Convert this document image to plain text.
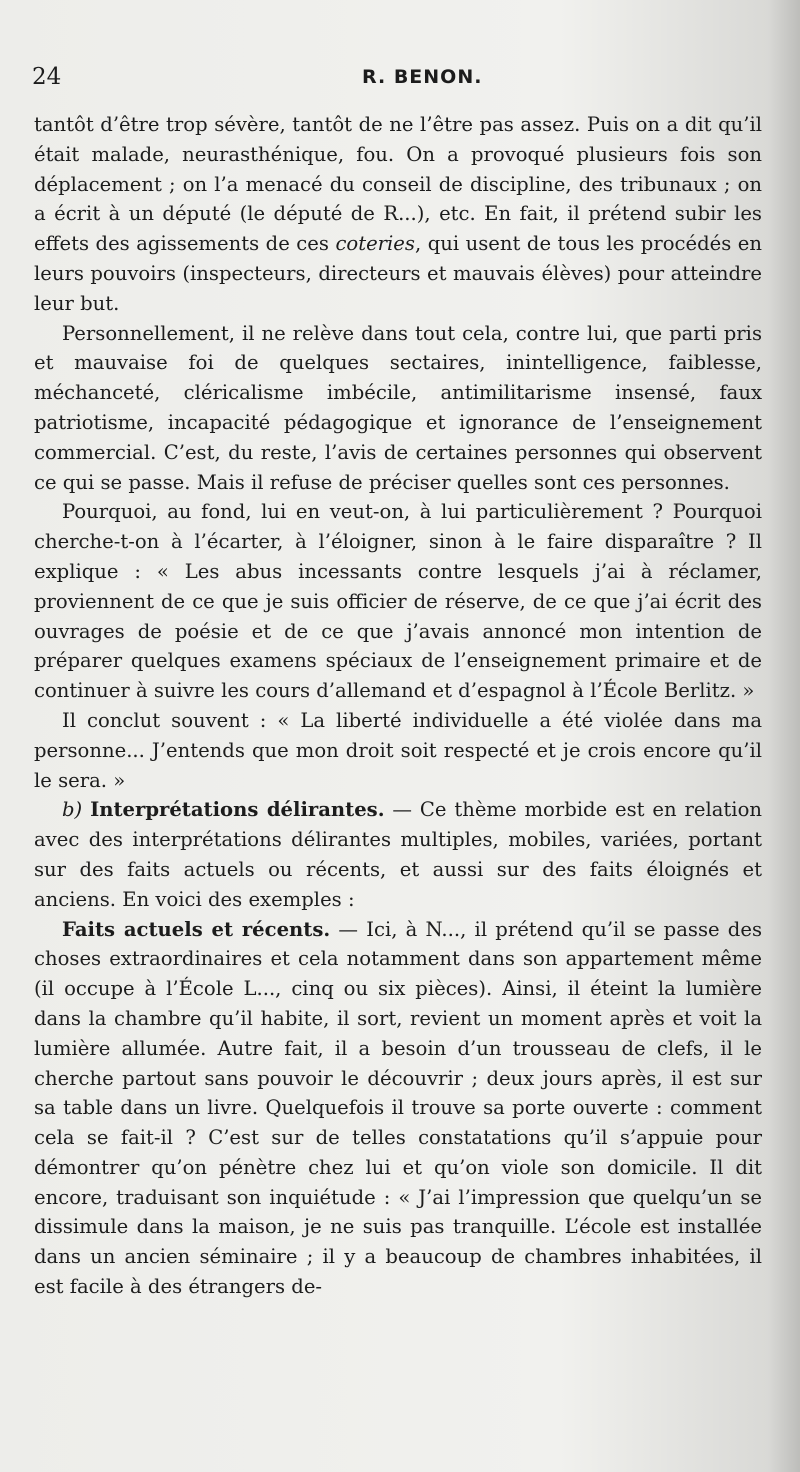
24	R. BENON.

tantôt d’être trop sévère, tantôt de ne l’être pas assez. Puis on a dit qu’il était malade, neurasthénique, fou. On a provoqué plusieurs fois son déplacement ; on l’a menacé du conseil de discipline, des tribunaux ; on a écrit à un député (le député de R...), etc. En fait, il prétend subir les effets des agissements de ces coteries, qui usent de tous les procédés en leurs pouvoirs (inspecteurs, directeurs et mauvais élèves) pour atteindre leur but.

Personnellement, il ne relève dans tout cela, contre lui, que parti pris et mauvaise foi de quelques sectaires, inintelligence, faiblesse, méchanceté, cléricalisme imbécile, antimilitarisme insensé, faux patriotisme, incapacité pédagogique et ignorance de l’enseignement commercial. C’est, du reste, l’avis de certaines personnes qui observent ce qui se passe. Mais il refuse de préciser quelles sont ces personnes.

Pourquoi, au fond, lui en veut-on, à lui particulièrement ? Pourquoi cherche-t-on à l’écarter, à l’éloigner, sinon à le faire disparaître ? Il explique : « Les abus incessants contre lesquels j’ai à réclamer, proviennent de ce que je suis officier de réserve, de ce que j’ai écrit des ouvrages de poésie et de ce que j’avais annoncé mon intention de préparer quelques examens spéciaux de l’enseignement primaire et de continuer à suivre les cours d’allemand et d’espagnol à l’École Berlitz. »

Il conclut souvent : « La liberté individuelle a été violée dans ma personne... J’entends que mon droit soit respecté et je crois encore qu’il le sera. »

b) Interprétations délirantes. — Ce thème morbide est en relation avec des interprétations délirantes multiples, mobiles, variées, portant sur des faits actuels ou récents, et aussi sur des faits éloignés et anciens. En voici des exemples :

Faits actuels et récents. — Ici, à N..., il prétend qu’il se passe des choses extraordinaires et cela notamment dans son appartement même (il occupe à l’École L..., cinq ou six pièces). Ainsi, il éteint la lumière dans la chambre qu’il habite, il sort, revient un moment après et voit la lumière allumée. Autre fait, il a besoin d’un trousseau de clefs, il le cherche partout sans pouvoir le découvrir ; deux jours après, il est sur sa table dans un livre. Quelquefois il trouve sa porte ouverte : comment cela se fait-il ? C’est sur de telles constatations qu’il s’appuie pour démontrer qu’on pénètre chez lui et qu’on viole son domicile. Il dit encore, traduisant son inquiétude : « J’ai l’impression que quelqu’un se dissimule dans la maison, je ne suis pas tranquille. L’école est installée dans un ancien séminaire ; il y a beaucoup de chambres inhabitées, il est facile à des étrangers de-
